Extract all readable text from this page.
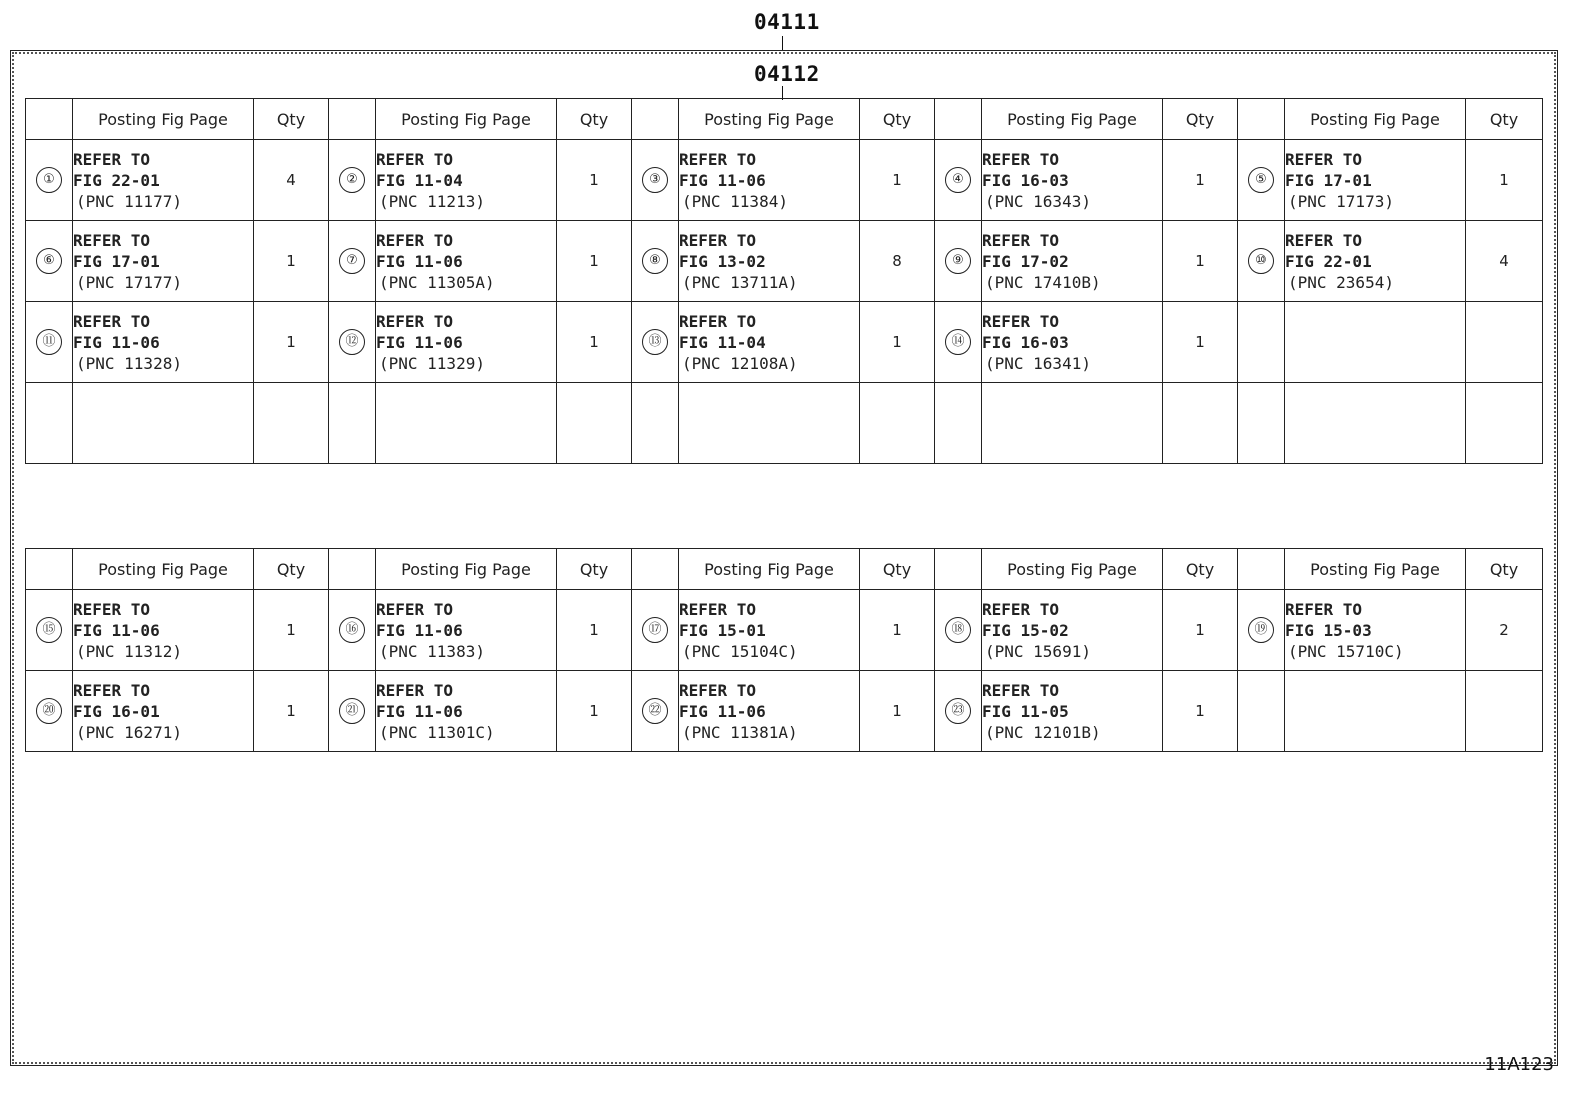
04111
04112
	Posting Fig Page	Qty		Posting Fig Page	Qty		Posting Fig Page	Qty		Posting Fig Page	Qty		Posting Fig Page	Qty
①	REFER TO
FIG 22-01
(PNC 11177)	4	②	REFER TO
FIG 11-04
(PNC 11213)	1	③	REFER TO
FIG 11-06
(PNC 11384)	1	④	REFER TO
FIG 16-03
(PNC 16343)	1	⑤	REFER TO
FIG 17-01
(PNC 17173)	1
⑥	REFER TO
FIG 17-01
(PNC 17177)	1	⑦	REFER TO
FIG 11-06
(PNC 11305A)	1	⑧	REFER TO
FIG 13-02
(PNC 13711A)	8	⑨	REFER TO
FIG 17-02
(PNC 17410B)	1	⑩	REFER TO
FIG 22-01
(PNC 23654)	4
⑪	REFER TO
FIG 11-06
(PNC 11328)	1	⑫	REFER TO
FIG 11-06
(PNC 11329)	1	⑬	REFER TO
FIG 11-04
(PNC 12108A)	1	⑭	REFER TO
FIG 16-03
(PNC 16341)	1			

	Posting Fig Page	Qty		Posting Fig Page	Qty		Posting Fig Page	Qty		Posting Fig Page	Qty		Posting Fig Page	Qty
⑮	REFER TO
FIG 11-06
(PNC 11312)	1	⑯	REFER TO
FIG 11-06
(PNC 11383)	1	⑰	REFER TO
FIG 15-01
(PNC 15104C)	1	⑱	REFER TO
FIG 15-02
(PNC 15691)	1	⑲	REFER TO
FIG 15-03
(PNC 15710C)	2
⑳	REFER TO
FIG 16-01
(PNC 16271)	1	㉑	REFER TO
FIG 11-06
(PNC 11301C)	1	㉒	REFER TO
FIG 11-06
(PNC 11381A)	1	㉓	REFER TO
FIG 11-05
(PNC 12101B)	1			
11A123
